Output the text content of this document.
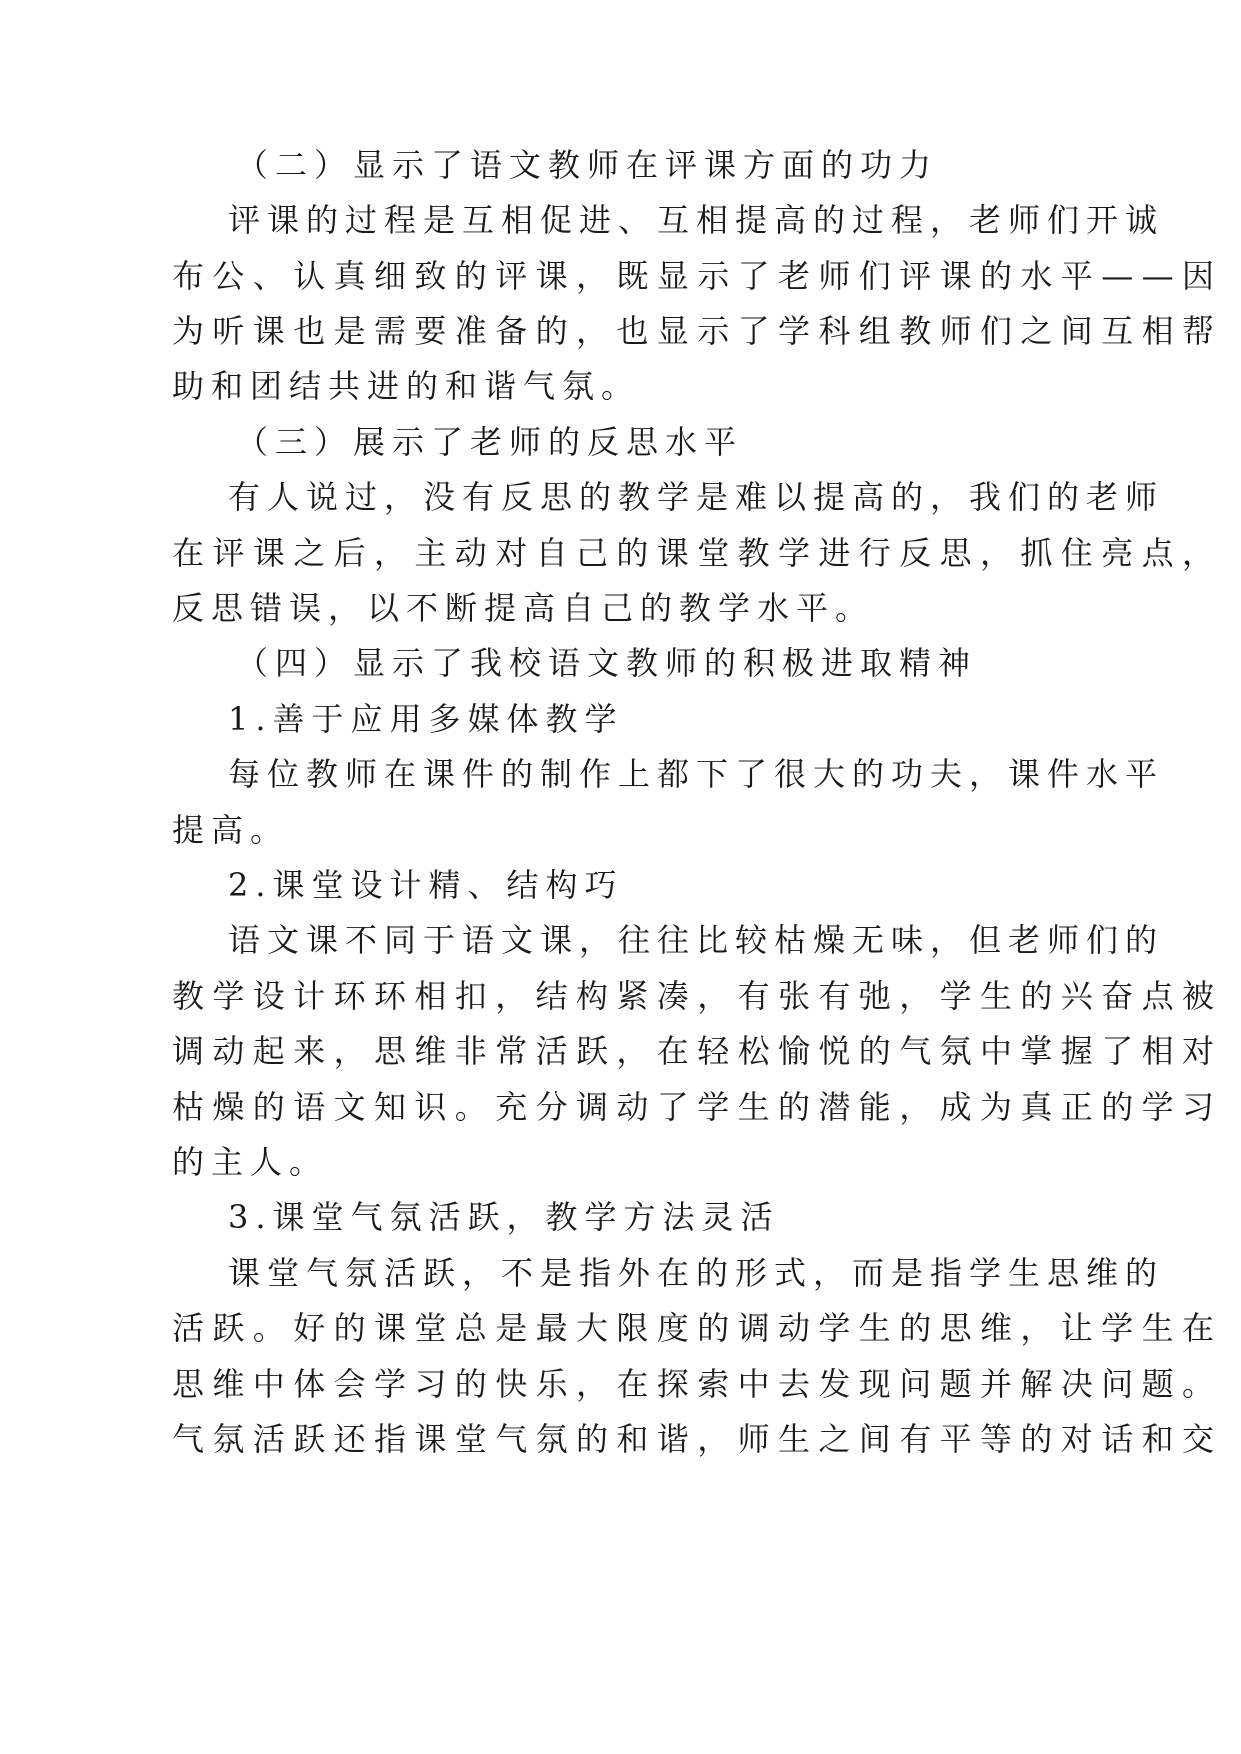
（二）显示了语文教师在评课方面的功力
评课的过程是互相促进、互相提高的过程，老师们开诚
布公、认真细致的评课，既显示了老师们评课的水平——因
为听课也是需要准备的，也显示了学科组教师们之间互相帮
助和团结共进的和谐气氛。
（三）展示了老师的反思水平
有人说过，没有反思的教学是难以提高的，我们的老师
在评课之后，主动对自己的课堂教学进行反思，抓住亮点，
反思错误，以不断提高自己的教学水平。
（四）显示了我校语文教师的积极进取精神
1.善于应用多媒体教学
每位教师在课件的制作上都下了很大的功夫，课件水平
提高。
2.课堂设计精、结构巧
语文课不同于语文课，往往比较枯燥无味，但老师们的
教学设计环环相扣，结构紧凑，有张有弛，学生的兴奋点被
调动起来，思维非常活跃，在轻松愉悦的气氛中掌握了相对
枯燥的语文知识。充分调动了学生的潜能，成为真正的学习
的主人。
3.课堂气氛活跃，教学方法灵活
课堂气氛活跃，不是指外在的形式，而是指学生思维的
活跃。好的课堂总是最大限度的调动学生的思维，让学生在
思维中体会学习的快乐，在探索中去发现问题并解决问题。
气氛活跃还指课堂气氛的和谐，师生之间有平等的对话和交
